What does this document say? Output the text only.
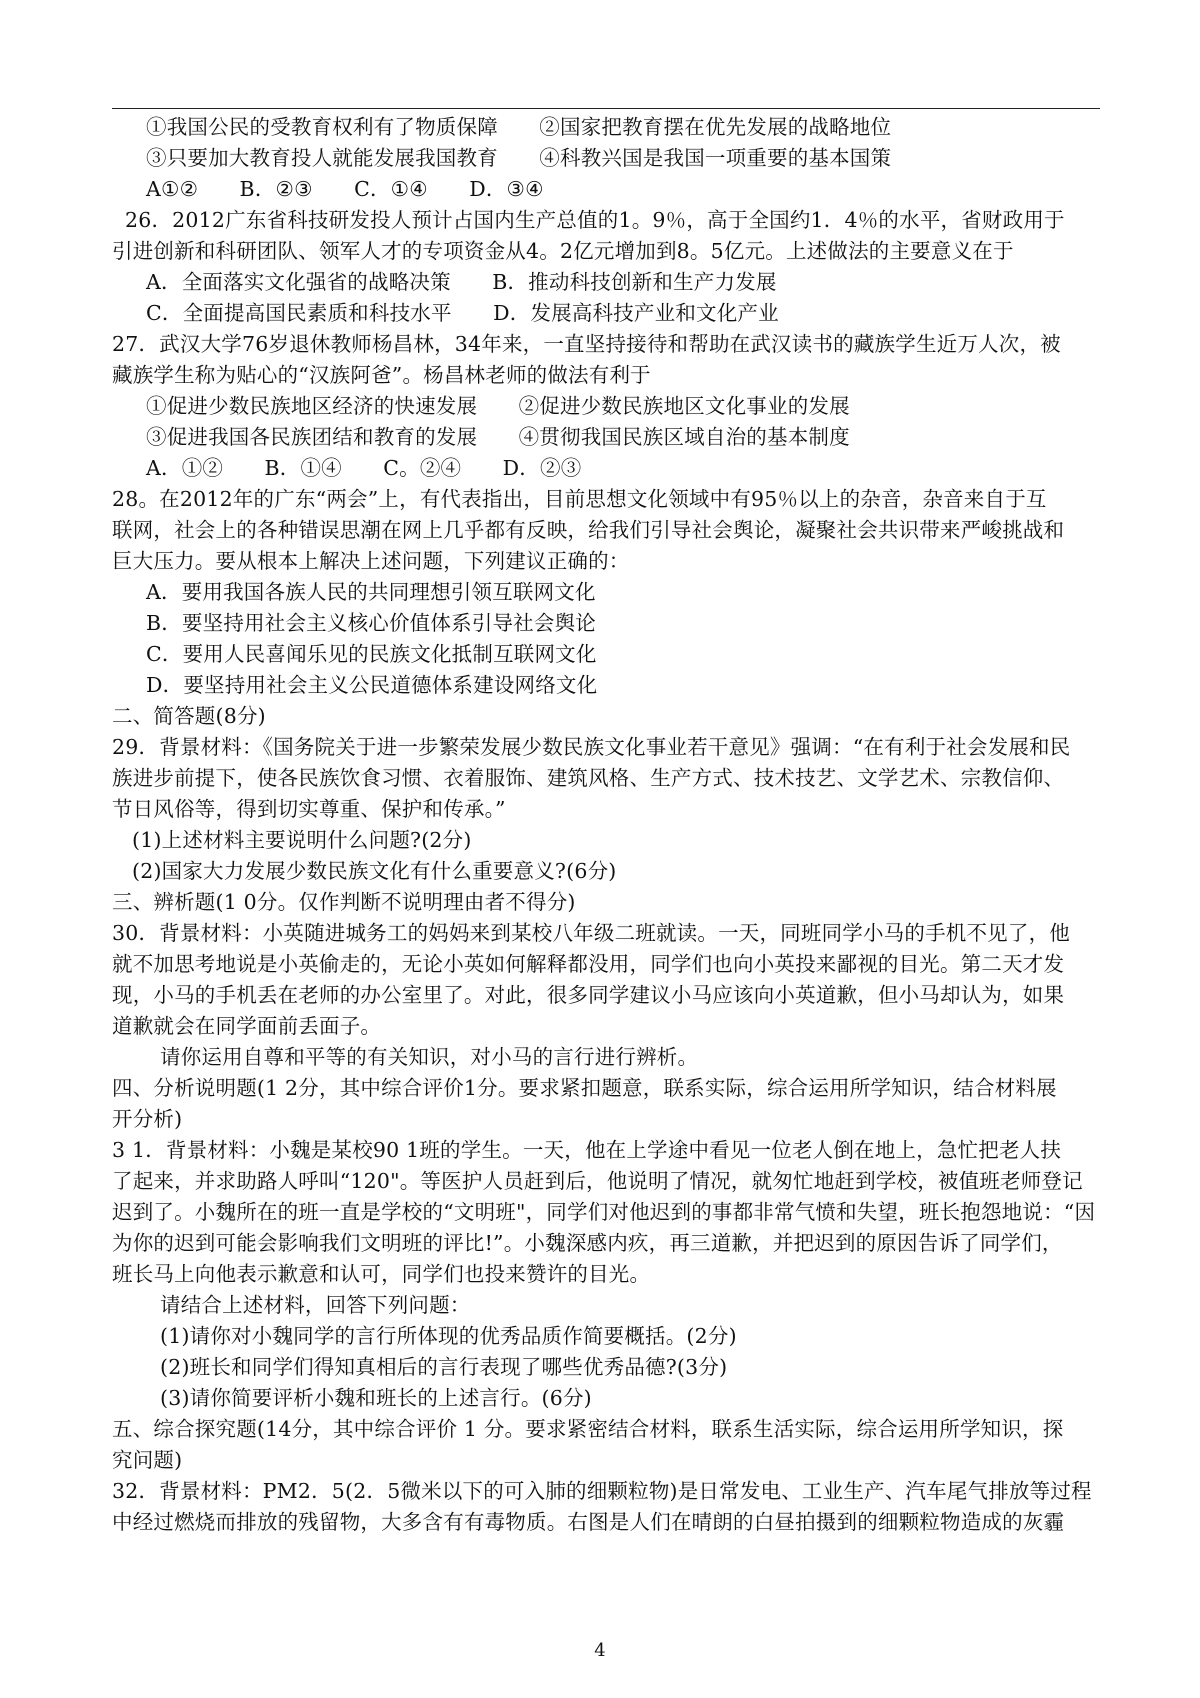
①我国公民的受教育权利有了物质保障　　②国家把教育摆在优先发展的战略地位
③只要加大教育投人就能发展我国教育　　④科教兴国是我国一项重要的基本国策
A①②　　B．②③　　C．①④　　D．③④
26．2012广东省科技研发投人预计占国内生产总值的1。9％，高于全国约1．4％的水平，省财政用于
引进创新和科研团队、领军人才的专项资金从4。2亿元增加到8。5亿元。上述做法的主要意义在于
A．全面落实文化强省的战略决策　　B．推动科技创新和生产力发展
C．全面提高国民素质和科技水平　　D．发展高科技产业和文化产业
27．武汉大学76岁退休教师杨昌林，34年来，一直坚持接待和帮助在武汉读书的藏族学生近万人次，被
藏族学生称为贴心的“汉族阿爸”。杨昌林老师的做法有利于
①促进少数民族地区经济的快速发展　　②促进少数民族地区文化事业的发展
③促进我国各民族团结和教育的发展　　④贯彻我国民族区域自治的基本制度
A．①②　　B．①④　　C。②④　　D．②③
28。在2012年的广东“两会”上，有代表指出，目前思想文化领域中有95％以上的杂音，杂音来自于互
联网，社会上的各种错误思潮在网上几乎都有反映，给我们引导社会舆论，凝聚社会共识带来严峻挑战和
巨大压力。要从根本上解决上述问题，下列建议正确的：
A．要用我国各族人民的共同理想引领互联网文化
B．要坚持用社会主义核心价值体系引导社会舆论
C．要用人民喜闻乐见的民族文化抵制互联网文化
D．要坚持用社会主义公民道德体系建设网络文化
二、简答题(8分)
29．背景材料：《国务院关于进一步繁荣发展少数民族文化事业若干意见》强调：“在有利于社会发展和民
族进步前提下，使各民族饮食习惯、衣着服饰、建筑风格、生产方式、技术技艺、文学艺术、宗教信仰、
节日风俗等，得到切实尊重、保护和传承。”
(1)上述材料主要说明什么问题?(2分)
(2)国家大力发展少数民族文化有什么重要意义?(6分)
三、辨析题(1 0分。仅作判断不说明理由者不得分)
30．背景材料：小英随进城务工的妈妈来到某校八年级二班就读。一天，同班同学小马的手机不见了，他
就不加思考地说是小英偷走的，无论小英如何解释都没用，同学们也向小英投来鄙视的目光。第二天才发
现，小马的手机丢在老师的办公室里了。对此，很多同学建议小马应该向小英道歉，但小马却认为，如果
道歉就会在同学面前丢面子。
请你运用自尊和平等的有关知识，对小马的言行进行辨析。
四、分析说明题(1 2分，其中综合评价1分。要求紧扣题意，联系实际，综合运用所学知识，结合材料展
开分析)
3 1．背景材料：小魏是某校90 1班的学生。一天，他在上学途中看见一位老人倒在地上，急忙把老人扶
了起来，并求助路人呼叫“120"。等医护人员赶到后，他说明了情况，就匆忙地赶到学校，被值班老师登记
迟到了。小魏所在的班一直是学校的“文明班"，同学们对他迟到的事都非常气愤和失望，班长抱怨地说：“因
为你的迟到可能会影响我们文明班的评比!”。小魏深感内疚，再三道歉，并把迟到的原因告诉了同学们，
班长马上向他表示歉意和认可，同学们也投来赞许的目光。
请结合上述材料，回答下列问题：
(1)请你对小魏同学的言行所体现的优秀品质作简要概括。(2分)
(2)班长和同学们得知真相后的言行表现了哪些优秀品德?(3分)
(3)请你简要评析小魏和班长的上述言行。(6分)
五、综合探究题(14分，其中综合评价 1 分。要求紧密结合材料，联系生活实际，综合运用所学知识，探
究问题)
32．背景材料：PM2．5(2．5微米以下的可入肺的细颗粒物)是日常发电、工业生产、汽车尾气排放等过程
中经过燃烧而排放的残留物，大多含有有毒物质。右图是人们在晴朗的白昼拍摄到的细颗粒物造成的灰霾
4
